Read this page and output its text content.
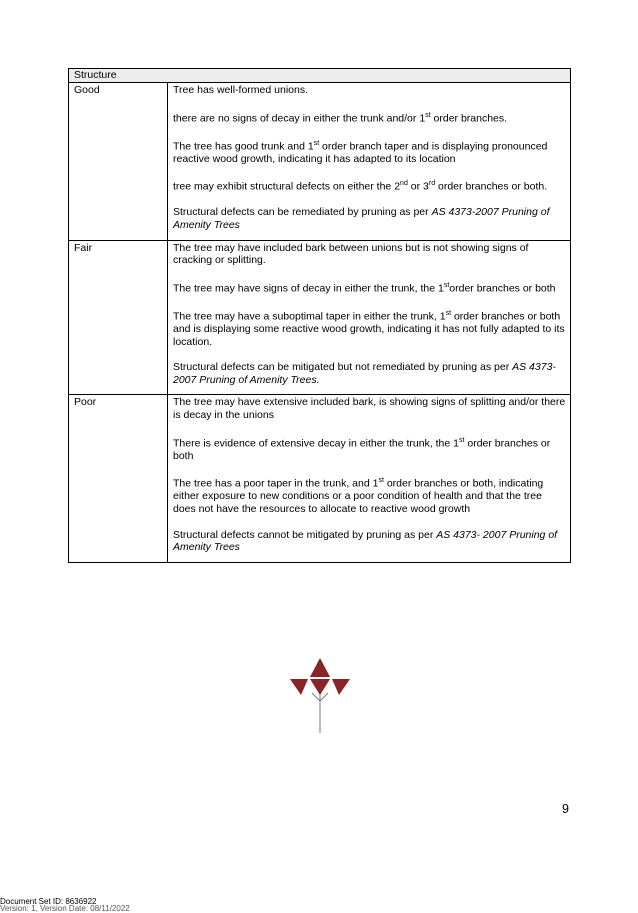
Structure	
Good	Tree has well-formed unions.

there are no signs of decay in either the trunk and/or 1st order branches.

The tree has good trunk and 1st order branch taper and is displaying pronounced reactive wood growth, indicating it has adapted to its location

tree may exhibit structural defects on either the 2nd or 3rd order branches or both.

Structural defects can be remediated by pruning as per AS 4373-2007 Pruning of Amenity Trees

Fair	The tree may have included bark between unions but is not showing signs of cracking or splitting.

The tree may have signs of decay in either the trunk, the 1storder branches or both

The tree may have a suboptimal taper in either the trunk, 1st order branches or both and is displaying some reactive wood growth, indicating it has not fully adapted to its location.

Structural defects can be mitigated but not remediated by pruning as per AS 4373-2007 Pruning of Amenity Trees.

Poor	The tree may have extensive included bark, is showing signs of splitting and/or there is decay in the unions

There is evidence of extensive decay in either the trunk, the 1st order branches or both

The tree has a poor taper in the trunk, and 1st order branches or both, indicating either exposure to new conditions or a poor condition of health and that the tree does not have the resources to allocate to reactive wood growth

Structural defects cannot be mitigated by pruning as per AS 4373- 2007 Pruning of Amenity Trees

9
Document Set ID: 8636922
Version: 1, Version Date: 08/11/2022
